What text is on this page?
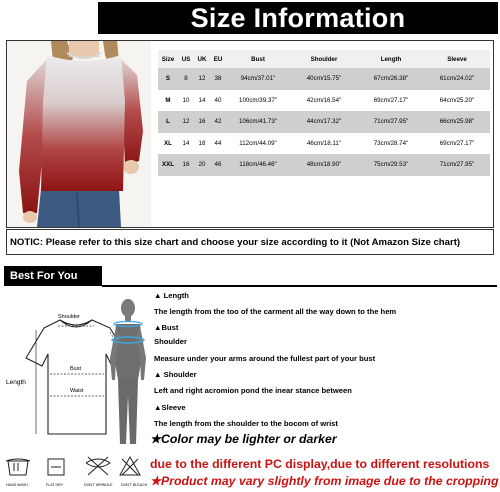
Size Information
Size	US	UK	EU	Bust	Shoulder	Length	Sleeve
S	8	12	38	94cm/37.01"	40cm/15.75"	67cm/26.38"	61cm/24.02"
M	10	14	40	100cm/39.37"	42cm/16.54"	69cm/27.17"	64cm/25.20"
L	12	16	42	106cm/41.73"	44cm/17.32"	71cm/27.95"	66cm/25.98"
XL	14	18	44	112cm/44.09"	46cm/18.11"	73cm/28.74"	69cm/27.17"
XXL	16	20	46	118cm/46.46"	48cm/18.90"	75cm/29.53"	71cm/27.95"
NOTIC: Please refer to this size chart and choose your size according to it (Not Amazon Size chart)
Best For You
Shoulder
Length
Bust
Waist
▲ Length
The length from the too of the carment all the way down to the hem
▲Bust
Shoulder
Measure under your arms around the fullest part of your bust
▲ Shoulder
Left and right acromion pond the inear stance between
▲Sleeve
The length from the shoulder to the bocom of wrist
★Color may be lighter or darker
due to the different PC display,due to different resolutions
★Product may vary slightly from image due to the cropping
HAND WASH	FLAT DRY	DON'T WRINGLE DON'T BLEACH
